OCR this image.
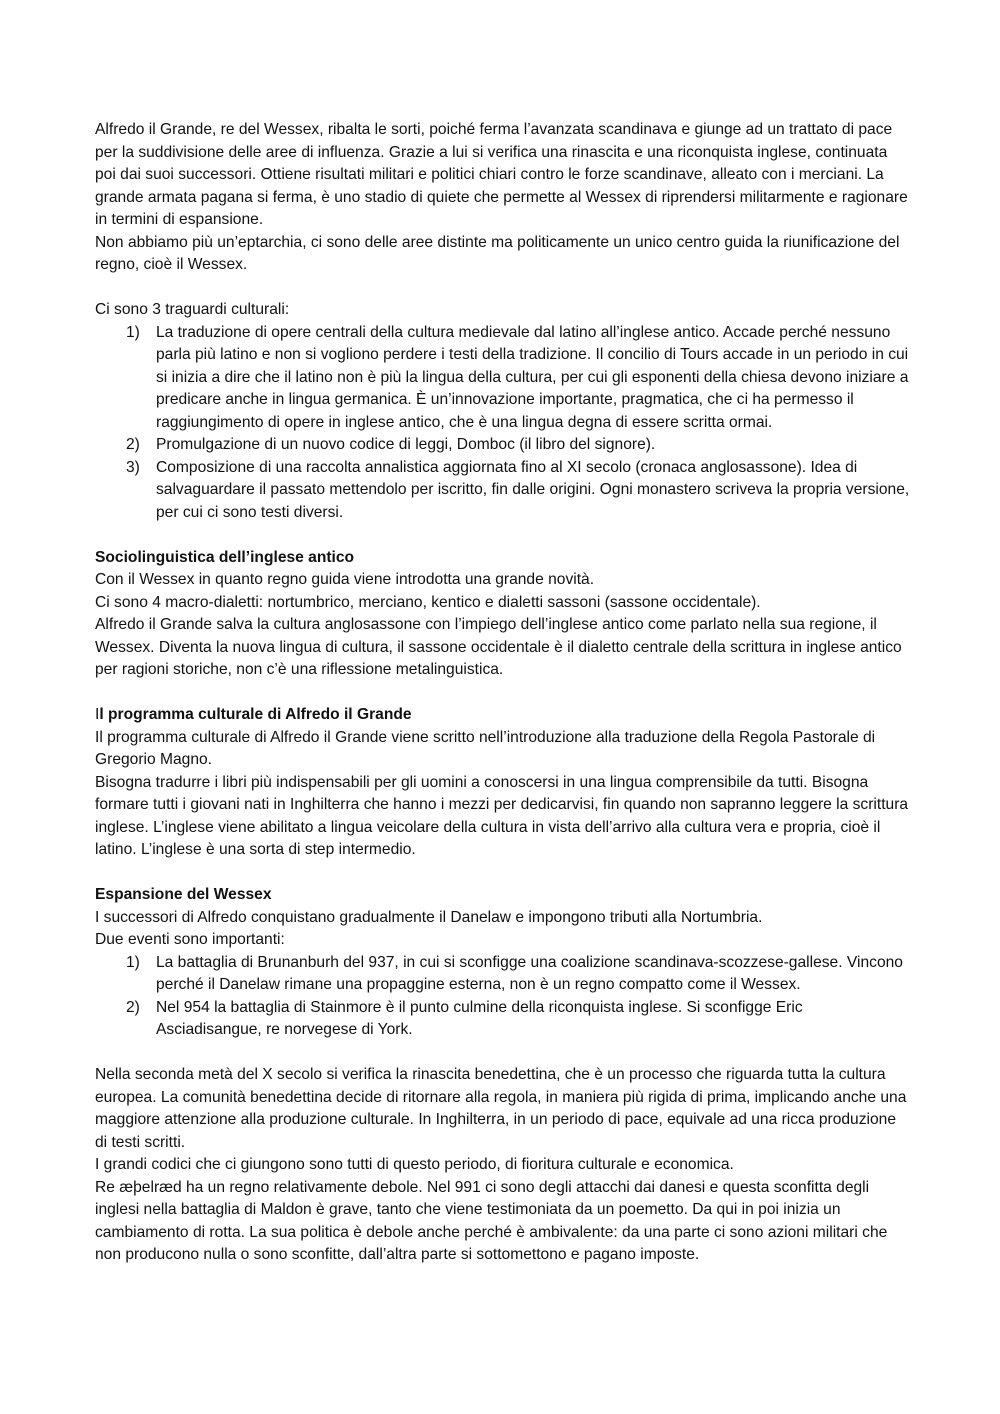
Alfredo il Grande, re del Wessex, ribalta le sorti, poiché ferma l’avanzata scandinava e giunge ad un trattato di pace per la suddivisione delle aree di influenza. Grazie a lui si verifica una rinascita e una riconquista inglese, continuata poi dai suoi successori. Ottiene risultati militari e politici chiari contro le forze scandinave, alleato con i merciani. La grande armata pagana si ferma, è uno stadio di quiete che permette al Wessex di riprendersi militarmente e ragionare in termini di espansione.

Non abbiamo più un’eptarchia, ci sono delle aree distinte ma politicamente un unico centro guida la riunificazione del regno, cioè il Wessex.

Ci sono 3 traguardi culturali:

1) La traduzione di opere centrali della cultura medievale dal latino all’inglese antico. Accade perché nessuno parla più latino e non si vogliono perdere i testi della tradizione. Il concilio di Tours accade in un periodo in cui si inizia a dire che il latino non è più la lingua della cultura, per cui gli esponenti della chiesa devono iniziare a predicare anche in lingua germanica. È un’innovazione importante, pragmatica, che ci ha permesso il raggiungimento di opere in inglese antico, che è una lingua degna di essere scritta ormai.
2) Promulgazione di un nuovo codice di leggi, Domboc (il libro del signore).
3) Composizione di una raccolta annalistica aggiornata fino al XI secolo (cronaca anglosassone). Idea di salvaguardare il passato mettendolo per iscritto, fin dalle origini. Ogni monastero scriveva la propria versione, per cui ci sono testi diversi.

Sociolinguistica dell’inglese antico

Con il Wessex in quanto regno guida viene introdotta una grande novità.

Ci sono 4 macro-dialetti: nortumbrico, merciano, kentico e dialetti sassoni (sassone occidentale).

Alfredo il Grande salva la cultura anglosassone con l’impiego dell’inglese antico come parlato nella sua regione, il Wessex. Diventa la nuova lingua di cultura, il sassone occidentale è il dialetto centrale della scrittura in inglese antico per ragioni storiche, non c’è una riflessione metalinguistica.

Il programma culturale di Alfredo il Grande

Il programma culturale di Alfredo il Grande viene scritto nell’introduzione alla traduzione della Regola Pastorale di Gregorio Magno.

Bisogna tradurre i libri più indispensabili per gli uomini a conoscersi in una lingua comprensibile da tutti. Bisogna formare tutti i giovani nati in Inghilterra che hanno i mezzi per dedicarvisi, fin quando non sapranno leggere la scrittura inglese. L’inglese viene abilitato a lingua veicolare della cultura in vista dell’arrivo alla cultura vera e propria, cioè il latino. L’inglese è una sorta di step intermedio.

Espansione del Wessex

I successori di Alfredo conquistano gradualmente il Danelaw e impongono tributi alla Nortumbria.

Due eventi sono importanti:

1) La battaglia di Brunanburh del 937, in cui si sconfigge una coalizione scandinava-scozzese-gallese. Vincono perché il Danelaw rimane una propaggine esterna, non è un regno compatto come il Wessex.
2) Nel 954 la battaglia di Stainmore è il punto culmine della riconquista inglese. Si sconfigge Eric Asciadisangue, re norvegese di York.

Nella seconda metà del X secolo si verifica la rinascita benedettina, che è un processo che riguarda tutta la cultura europea. La comunità benedettina decide di ritornare alla regola, in maniera più rigida di prima, implicando anche una maggiore attenzione alla produzione culturale. In Inghilterra, in un periodo di pace, equivale ad una ricca produzione di testi scritti.

I grandi codici che ci giungono sono tutti di questo periodo, di fioritura culturale e economica.

Re æþelræd ha un regno relativamente debole. Nel 991 ci sono degli attacchi dai danesi e questa sconfitta degli inglesi nella battaglia di Maldon è grave, tanto che viene testimoniata da un poemetto. Da qui in poi inizia un cambiamento di rotta. La sua politica è debole anche perché è ambivalente: da una parte ci sono azioni militari che non producono nulla o sono sconfitte, dall’altra parte si sottomettono e pagano imposte.
